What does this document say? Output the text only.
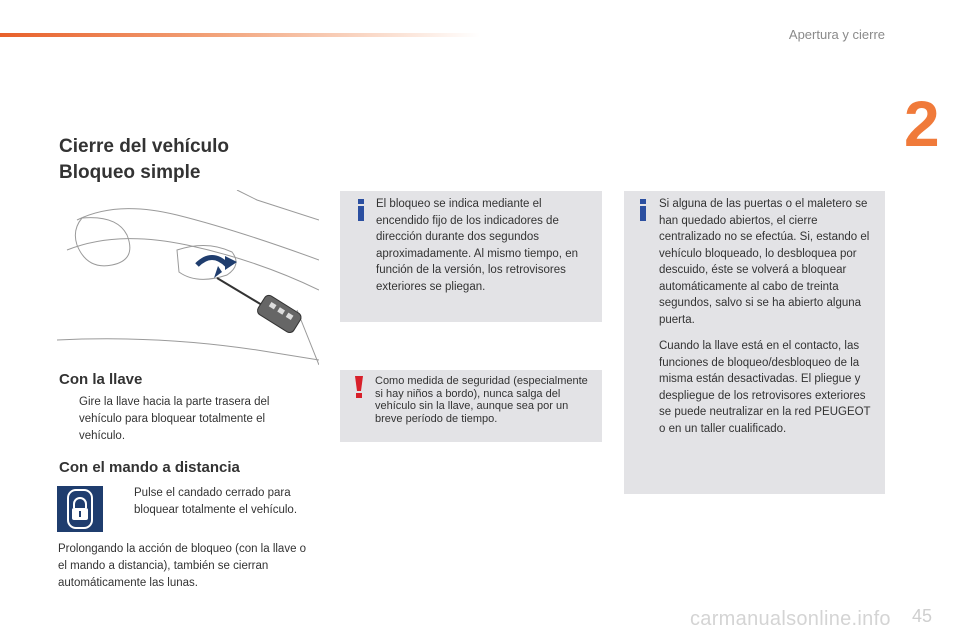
Apertura y cierre
2
Cierre del vehículo
Bloqueo simple
Con la llave
Gire la llave hacia la parte trasera del vehículo para bloquear totalmente el vehículo.
Con el mando a distancia
Pulse el candado cerrado para bloquear totalmente el vehículo.
Prolongando la acción de bloqueo (con la llave o el mando a distancia), también se cierran automáticamente las lunas.
El bloqueo se indica mediante el encendido fijo de los indicadores de dirección durante dos segundos aproximadamente. Al mismo tiempo, en función de la versión, los retrovisores exteriores se pliegan.
Como medida de seguridad (especialmente si hay niños a bordo), nunca salga del vehículo sin la llave, aunque sea por un breve período de tiempo.
Si alguna de las puertas o el maletero se han quedado abiertos, el cierre centralizado no se efectúa. Si, estando el vehículo bloqueado, lo desbloquea por descuido, éste se volverá a bloquear automáticamente al cabo de treinta segundos, salvo si se ha abierto alguna puerta.
Cuando la llave está en el contacto, las funciones de bloqueo/desbloqueo de la misma están desactivadas. El pliegue y despliegue de los retrovisores exteriores se puede neutralizar en la red PEUGEOT o en un taller cualificado.
carmanualsonline.info 45
